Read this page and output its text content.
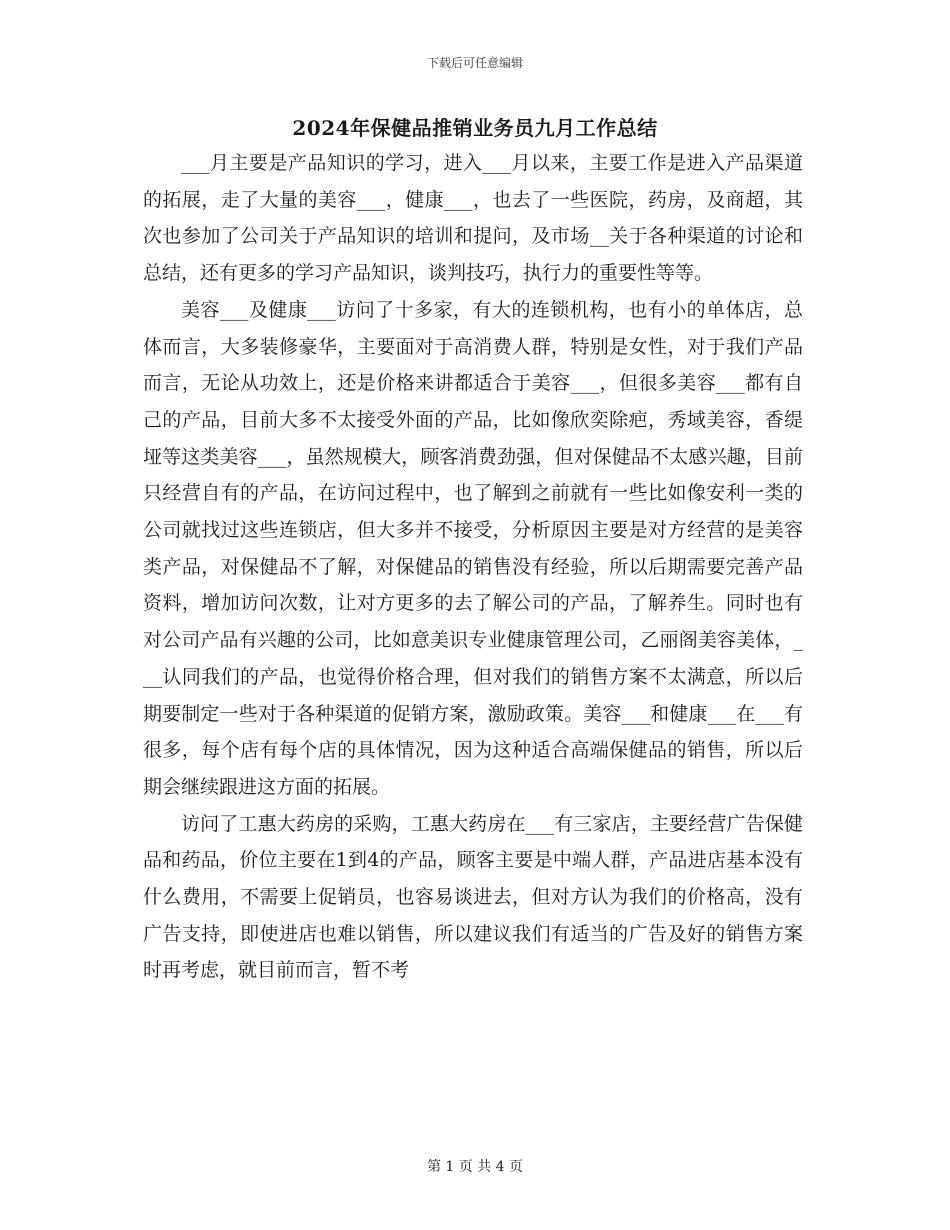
下载后可任意编辑
2024年保健品推销业务员九月工作总结

___月主要是产品知识的学习，进入___月以来，主要工作是进入产品渠道的拓展，走了大量的美容___，健康___，也去了一些医院，药房，及商超，其次也参加了公司关于产品知识的培训和提问，及市场__关于各种渠道的讨论和总结，还有更多的学习产品知识，谈判技巧，执行力的重要性等等。

美容___及健康___访问了十多家，有大的连锁机构，也有小的单体店，总体而言，大多装修豪华，主要面对于高消费人群，特别是女性，对于我们产品而言，无论从功效上，还是价格来讲都适合于美容___，但很多美容___都有自己的产品，目前大多不太接受外面的产品，比如像欣奕除疤，秀域美容，香缇垭等这类美容___，虽然规模大，顾客消费劲强，但对保健品不太感兴趣，目前只经营自有的产品，在访问过程中，也了解到之前就有一些比如像安利一类的公司就找过这些连锁店，但大多并不接受，分析原因主要是对方经营的是美容类产品，对保健品不了解，对保健品的销售没有经验，所以后期需要完善产品资料，增加访问次数，让对方更多的去了解公司的产品，了解养生。同时也有对公司产品有兴趣的公司，比如意美识专业健康管理公司，乙丽阁美容美体，___认同我们的产品，也觉得价格合理，但对我们的销售方案不太满意，所以后期要制定一些对于各种渠道的促销方案，激励政策。美容___和健康___在___有很多，每个店有每个店的具体情况，因为这种适合高端保健品的销售，所以后期会继续跟进这方面的拓展。

访问了工惠大药房的采购，工惠大药房在___有三家店，主要经营广告保健品和药品，价位主要在1到4的产品，顾客主要是中端人群，产品进店基本没有什么费用，不需要上促销员，也容易谈进去，但对方认为我们的价格高，没有广告支持，即使进店也难以销售，所以建议我们有适当的广告及好的销售方案时再考虑，就目前而言，暂不考

第 1 页 共 4 页
